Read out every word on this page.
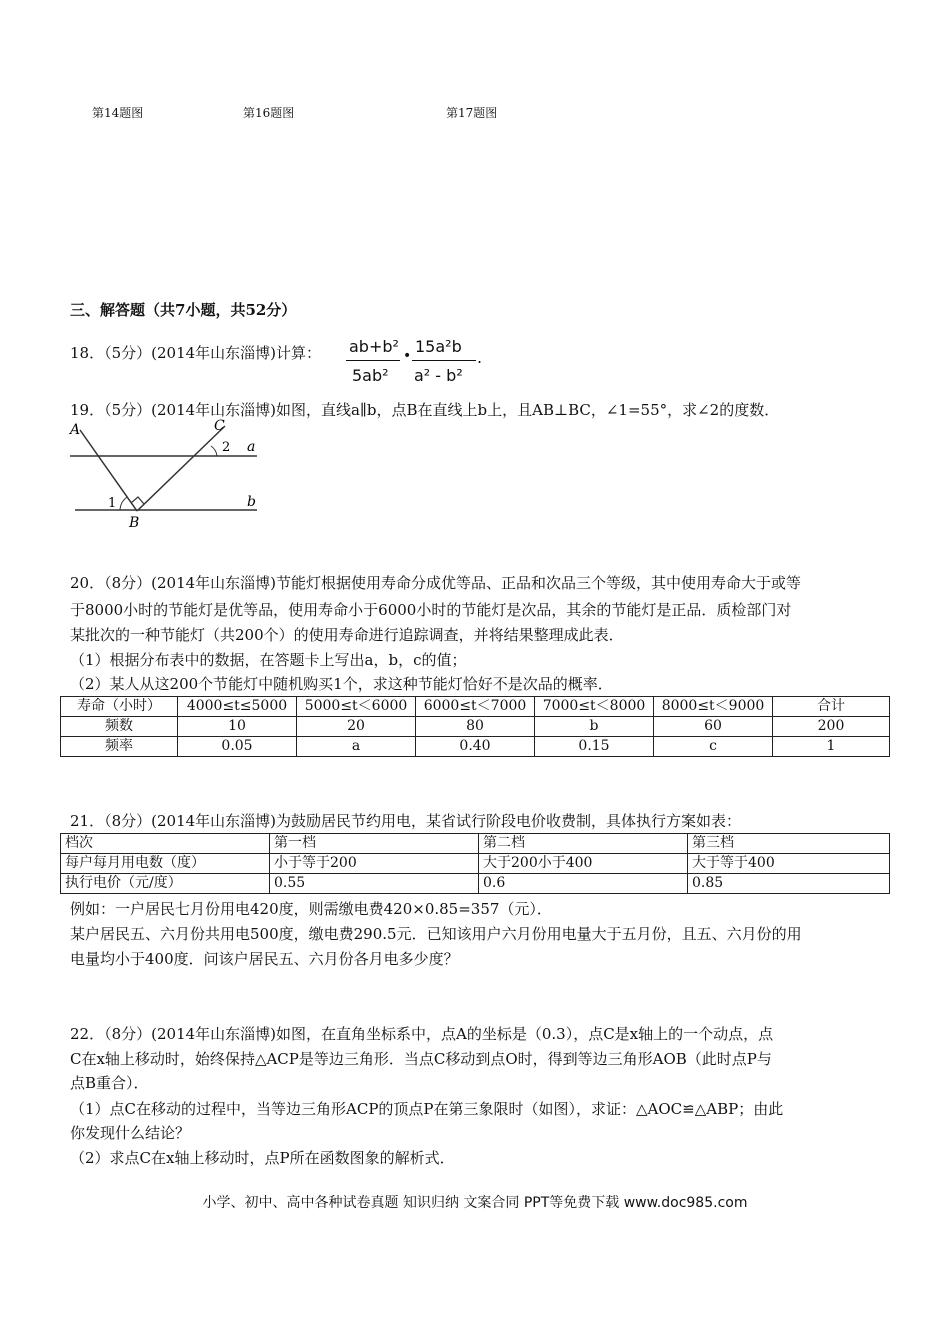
第14题图	第16题图	第17题图
三、解答题（共7小题，共52分）
18．（5分）(2014年山东淄博)计算： ab+b²
5ab²
• 15a²b
a² - b²
.
19．（5分）(2014年山东淄博)如图，直线a∥b，点B在直线上b上，且AB⊥BC，∠1=55°，求∠2的度数．
A	C
2 a
1	b
B
20．（8分）(2014年山东淄博)节能灯根据使用寿命分成优等品、正品和次品三个等级，其中使用寿命大于或等
于8000小时的节能灯是优等品，使用寿命小于6000小时的节能灯是次品，其余的节能灯是正品．质检部门对
某批次的一种节能灯（共200个）的使用寿命进行追踪调查，并将结果整理成此表．
（1）根据分布表中的数据，在答题卡上写出a，b，c的值；
（2）某人从这200个节能灯中随机购买1个，求这种节能灯恰好不是次品的概率．
寿命（小时）	4000≤t≤5000	5000≤t＜6000	6000≤t＜7000	7000≤t＜8000	8000≤t＜9000	合计
频数	10	20	80	b	60	200
频率	0.05	a	0.40	0.15	c	1
21．（8分）(2014年山东淄博)为鼓励居民节约用电，某省试行阶段电价收费制，具体执行方案如表：
档次	第一档	第二档	第三档
每户每月用电数（度）	小于等于200	大于200小于400	大于等于400
执行电价（元/度）	0.55	0.6	0.85
例如：一户居民七月份用电420度，则需缴电费420×0.85=357（元）．
某户居民五、六月份共用电500度，缴电费290.5元．已知该用户六月份用电量大于五月份，且五、六月份的用
电量均小于400度．问该户居民五、六月份各月电多少度？
22．（8分）(2014年山东淄博)如图，在直角坐标系中，点A的坐标是（0.3），点C是x轴上的一个动点，点
C在x轴上移动时，始终保持△ACP是等边三角形．当点C移动到点O时，得到等边三角形AOB（此时点P与
点B重合）．
（1）点C在移动的过程中，当等边三角形ACP的顶点P在第三象限时（如图），求证：△AOC≌△ABP；由此
你发现什么结论？
（2）求点C在x轴上移动时，点P所在函数图象的解析式．
小学、初中、高中各种试卷真题 知识归纳 文案合同 PPT等免费下载 www.doc985.com
